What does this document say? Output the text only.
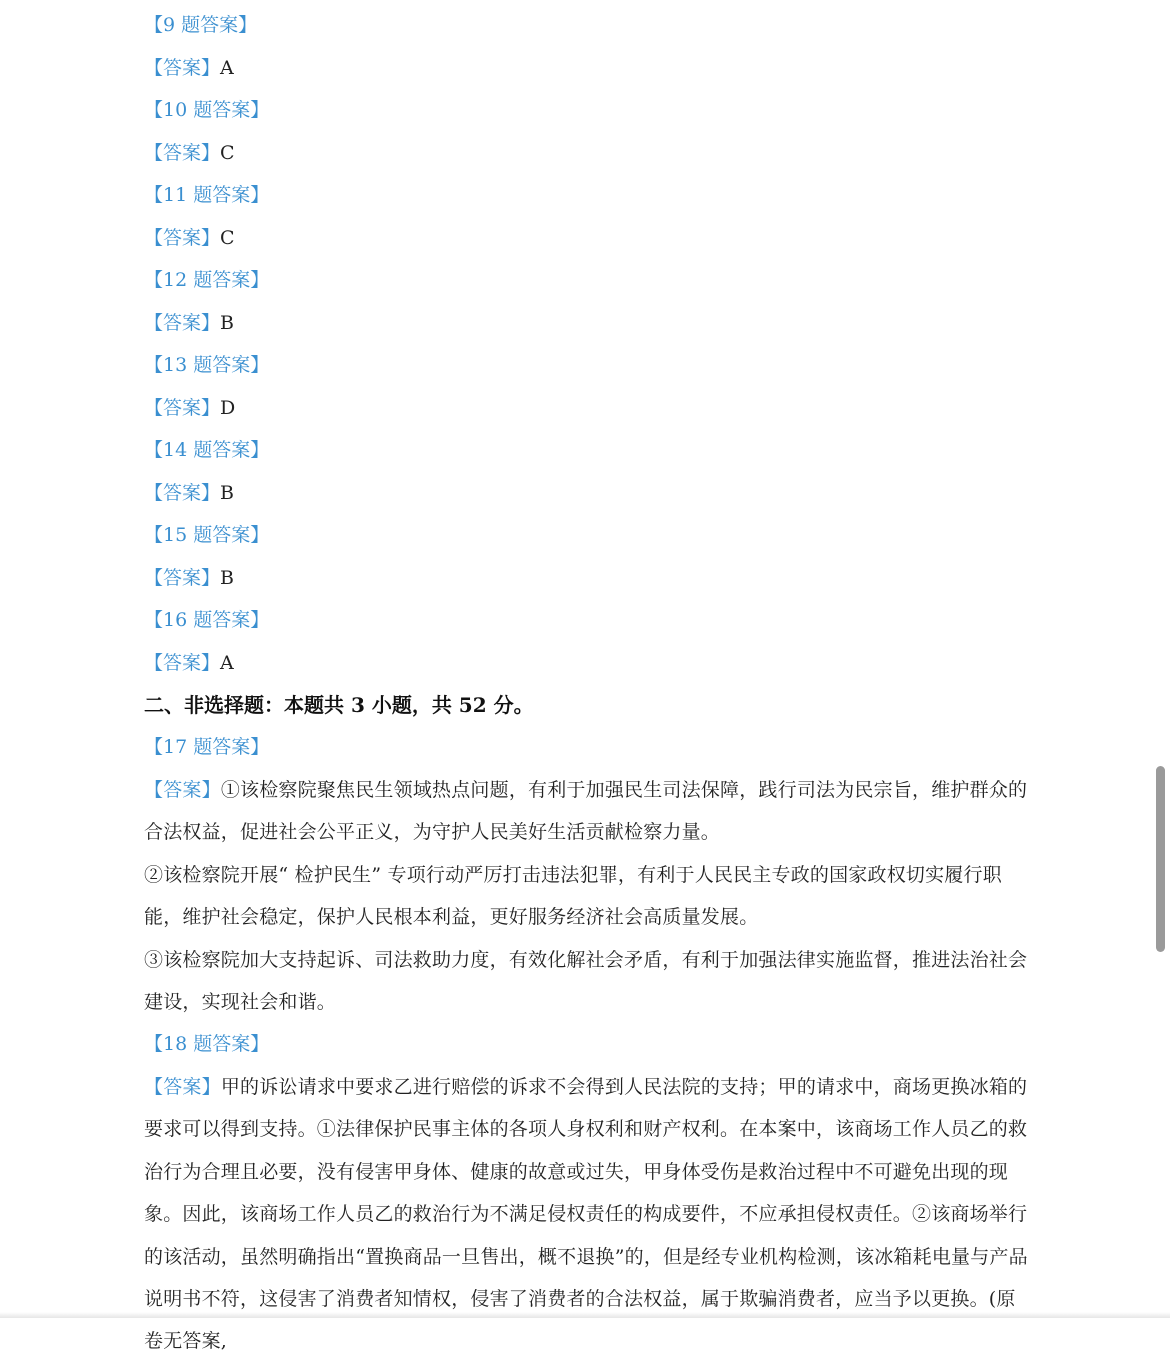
【9 题答案】
【答案】A
【10 题答案】
【答案】C
【11 题答案】
【答案】C
【12 题答案】
【答案】B
【13 题答案】
【答案】D
【14 题答案】
【答案】B
【15 题答案】
【答案】B
【16 题答案】
【答案】A
二、非选择题：本题共 3 小题，共 52 分。
【17 题答案】
【答案】①该检察院聚焦民生领域热点问题，有利于加强民生司法保障，践行司法为民宗旨，维护群众的合法权益，促进社会公平正义，为守护人民美好生活贡献检察力量。
②该检察院开展“ 检护民生” 专项行动严厉打击违法犯罪，有利于人民民主专政的国家政权切实履行职能，维护社会稳定，保护人民根本利益，更好服务经济社会高质量发展。
③该检察院加大支持起诉、司法救助力度，有效化解社会矛盾，有利于加强法律实施监督，推进法治社会建设，实现社会和谐。
【18 题答案】
【答案】甲的诉讼请求中要求乙进行赔偿的诉求不会得到人民法院的支持；甲的请求中，商场更换冰箱的要求可以得到支持。①法律保护民事主体的各项人身权利和财产权利。在本案中，该商场工作人员乙的救治行为合理且必要，没有侵害甲身体、健康的故意或过失，甲身体受伤是救治过程中不可避免出现的现象。因此，该商场工作人员乙的救治行为不满足侵权责任的构成要件，不应承担侵权责任。②该商场举行的该活动，虽然明确指出“置换商品一旦售出，概不退换”的，但是经专业机构检测，该冰箱耗电量与产品说明书不符，这侵害了消费者知情权，侵害了消费者的合法权益，属于欺骗消费者，应当予以更换。(原卷无答案,
